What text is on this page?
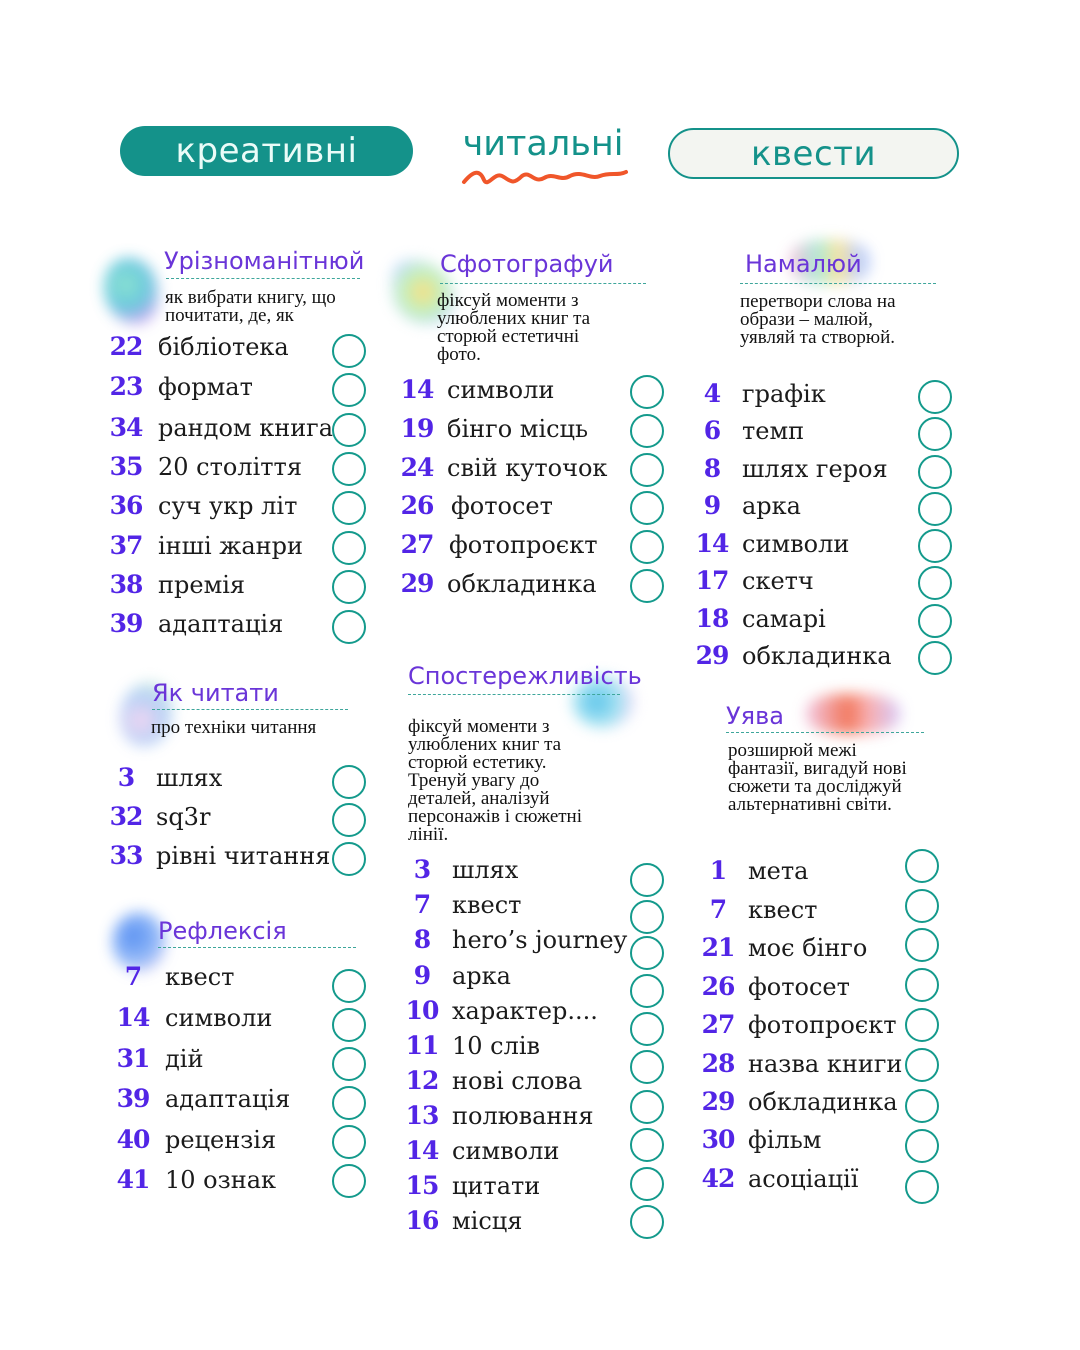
креативні	читальні	квести
Урізноманітнюй
як вибрати книгу, що
почитати, де, як
22 бібліотека
23 формат
34 рандом книга
35 20 століття
36 суч укр літ
37 інші жанри
38 премія
39 адаптація
Як читати
про техніки читання
3 шлях
32 sq3r
33 рівні читання
Рефлексія
7 квест
14 символи
31 дій
39 адаптація
40 рецензія
41 10 ознак
Сфотографуй
фіксуй моменти з
улюблених книг та
сторюй естетичні
фото.
14 символи
19 бінго місць
24 свій куточок
26 фотосет
27 фотопроєкт
29 обкладинка
Спостережливість
фіксуй моменти з
улюблених книг та
сторюй естетику.
Тренуй увагу до
деталей, аналізуй
персонажів і сюжетні
лінії.
3 шлях
7 квест
8 hero’s journey
9 арка
10 характер....
11 10 слів
12 нові слова
13 полювання
14 символи
15 цитати
16 місця
Намалюй
перетвори слова на
образи – малюй,
уявляй та створюй.
4 графік
6 темп
8 шлях героя
9 арка
14 символи
17 скетч
18 самарі
29 обкладинка
Уява
розширюй межі
фантазії, вигадуй нові
сюжети та досліджуй
альтернативні світи.
1 мета
7 квест
21 моє бінго
26 фотосет
27 фотопроєкт
28 назва книги
29 обкладинка
30 фільм
42 асоціації
